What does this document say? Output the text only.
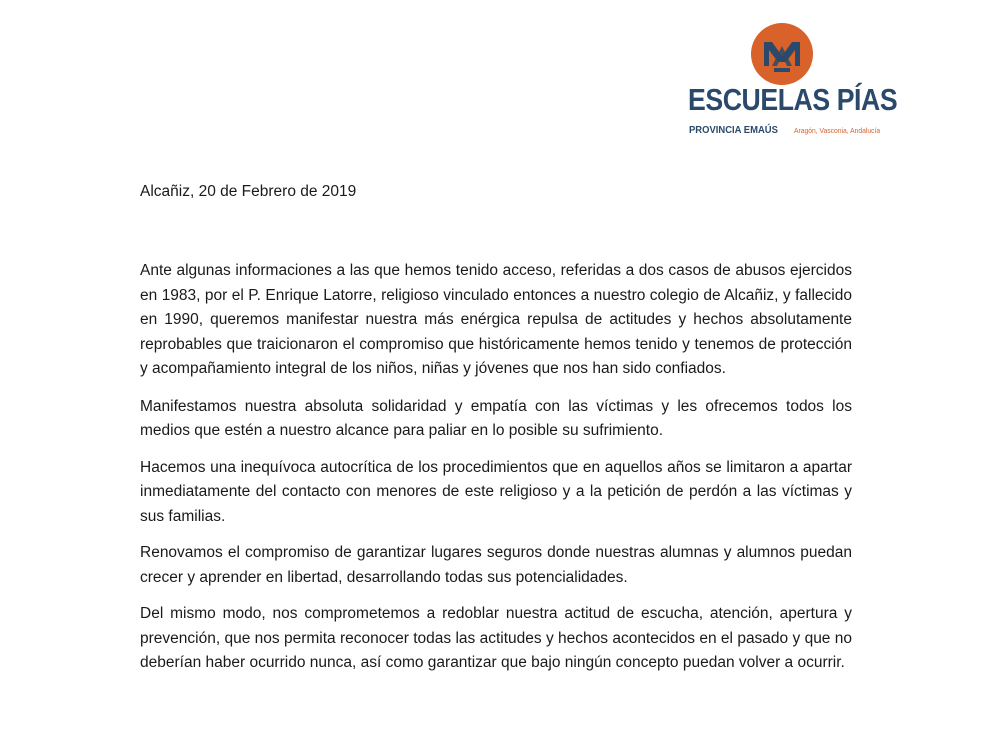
ESCUELAS PÍAS
PROVINCIA EMAÚS Aragón, Vasconia, Andalucía
Alcañiz, 20 de Febrero de 2019

Ante algunas informaciones a las que hemos tenido acceso, referidas a dos casos de abusos ejercidos en 1983, por el P. Enrique Latorre, religioso vinculado entonces a nuestro colegio de Alcañiz, y fallecido en 1990, queremos manifestar nuestra más enérgica repulsa de actitudes y hechos absolutamente reprobables que traicionaron el compromiso que históricamente hemos tenido y tenemos de protección y acompañamiento integral de los niños, niñas y jóvenes que nos han sido confiados.

Manifestamos nuestra absoluta solidaridad y empatía con las víctimas y les ofrecemos todos los medios que estén a nuestro alcance para paliar en lo posible su sufrimiento.

Hacemos una inequívoca autocrítica de los procedimientos que en aquellos años se limitaron a apartar inmediatamente del contacto con menores de este religioso y a la petición de perdón a las víctimas y sus familias.

Renovamos el compromiso de garantizar lugares seguros donde nuestras alumnas y alumnos puedan crecer y aprender en libertad, desarrollando todas sus potencialidades.

Del mismo modo, nos comprometemos a redoblar nuestra actitud de escucha, atención, apertura y prevención, que nos permita reconocer todas las actitudes y hechos acontecidos en el pasado y que no deberían haber ocurrido nunca, así como garantizar que bajo ningún concepto puedan volver a ocurrir.
